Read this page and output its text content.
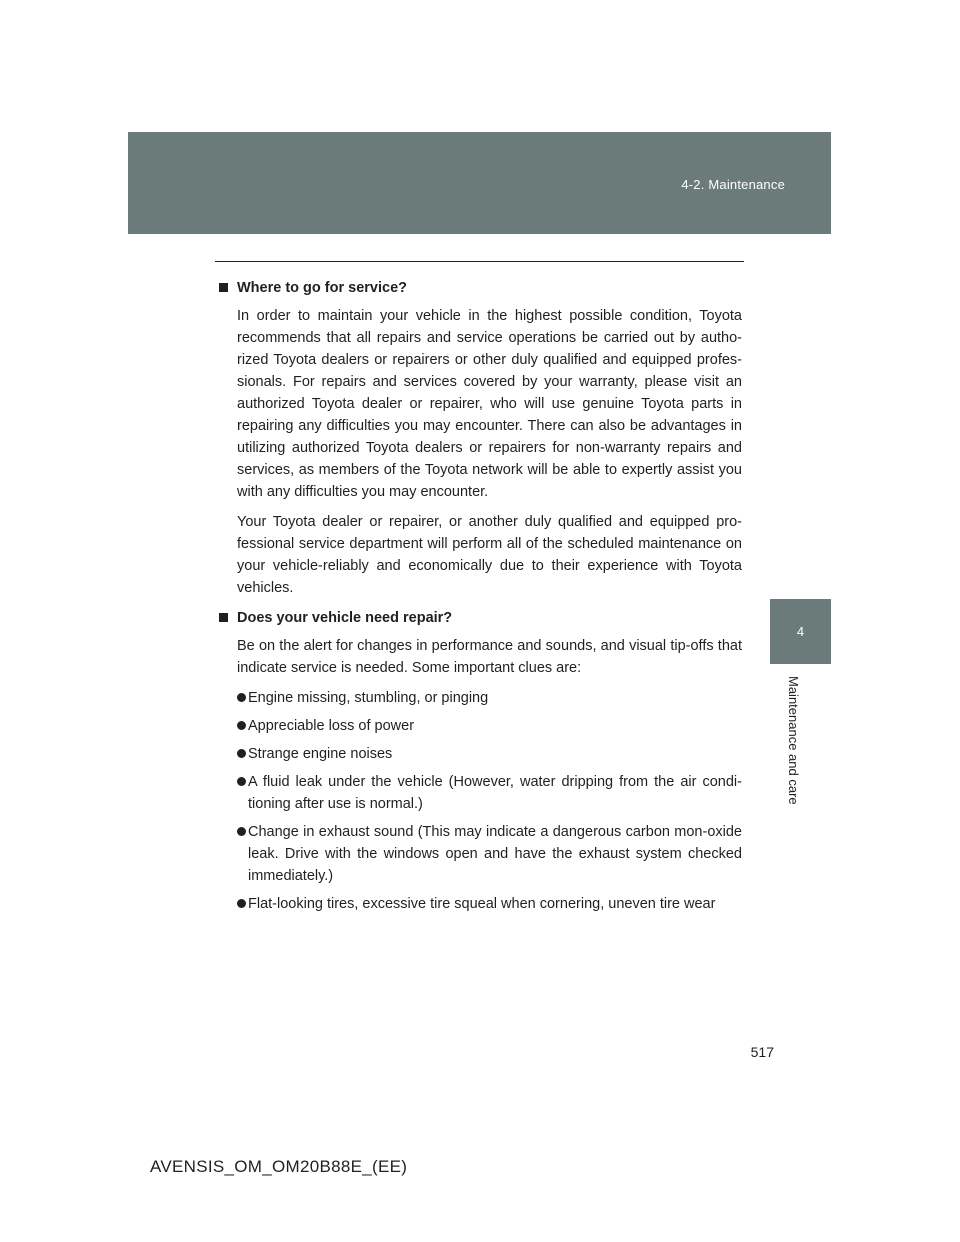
4-2. Maintenance
4
Maintenance and care
Where to go for service?
In order to maintain your vehicle in the highest possible condition, Toyota recommends that all repairs and service operations be carried out by autho-rized Toyota dealers or repairers or other duly qualified and equipped profes-sionals. For repairs and services covered by your warranty, please visit an authorized Toyota dealer or repairer, who will use genuine Toyota parts in repairing any difficulties you may encounter. There can also be advantages in utilizing authorized Toyota dealers or repairers for non-warranty repairs and services, as members of the Toyota network will be able to expertly assist you with any difficulties you may encounter.
Your Toyota dealer or repairer, or another duly qualified and equipped pro-fessional service department will perform all of the scheduled maintenance on your vehicle-reliably and economically due to their experience with Toyota vehicles.
Does your vehicle need repair?
Be on the alert for changes in performance and sounds, and visual tip-offs that indicate service is needed. Some important clues are:
Engine missing, stumbling, or pinging
Appreciable loss of power
Strange engine noises
A fluid leak under the vehicle (However, water dripping from the air condi-tioning after use is normal.)
Change in exhaust sound (This may indicate a dangerous carbon mon-oxide leak. Drive with the windows open and have the exhaust system checked immediately.)
Flat-looking tires, excessive tire squeal when cornering, uneven tire wear
517
AVENSIS_OM_OM20B88E_(EE)
